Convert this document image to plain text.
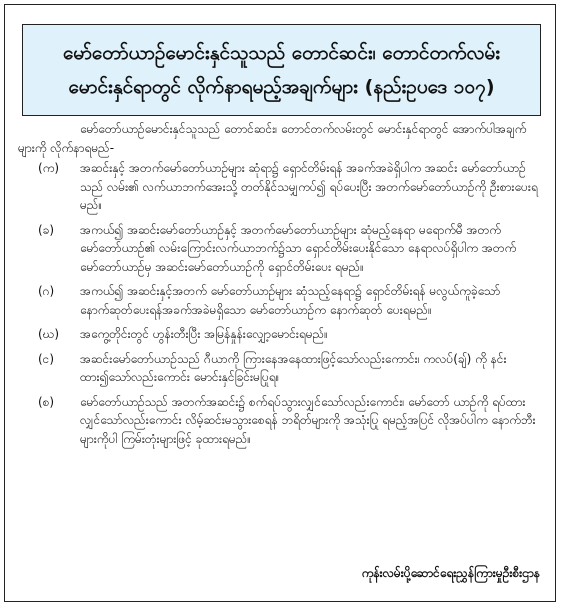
မော်တော်ယာဉ်မောင်းနှင်သူသည် တောင်ဆင်း၊ တောင်တက်လမ်း
မောင်းနှင်ရာတွင် လိုက်နာရမည့်အချက်များ (နည်းဥပဒေ ၁၀၇)

မော်တော်ယာဉ်မောင်းနှင်သူသည် တောင်ဆင်း၊ တောင်တက်လမ်းတွင် မောင်းနှင်ရာတွင် အောက်ပါအချက်များကို လိုက်နာရမည်-

(က)	အဆင်းနှင့် အတက်မော်တော်ယာဉ်များ ဆုံရာ၌ ရှောင်တိမ်းရန် အခက်အခဲရှိပါက အဆင်း မော်တော်ယာဉ်သည် လမ်း၏ လက်ယာဘက်အေးသို့ တတ်နိုင်သမျှကပ်၍ ရပ်ပေးပြီး အတက်မော်တော်ယာဉ်ကို ဦးစားပေးရမည်။
(ခ)	အကယ်၍ အဆင်းမော်တော်ယာဉ်နှင့် အတက်မော်တော်ယာဉ်များ ဆုံမည့်နေရာ မရောက်မီ အတက်မော်တော်ယာဉ်၏ လမ်းကြောင်းလက်ယာဘက်၌သာ ရှောင်တိမ်းပေးနိုင်သော နေရာလပ်ရှိပါက အတက်မော်တော်ယာဉ်မှ အဆင်းမော်တော်ယာဉ်ကို ရှောင်တိမ်းပေး ရမည်။
(ဂ)	အကယ်၍ အဆင်းနှင့်အတက် မော်တော်ယာဉ်များ ဆုံသည့်နေရာ၌ ရှောင်တိမ်းရန် မလွယ်ကူခဲ့သော် နောက်ဆုတ်ပေးရန်အခက်အခဲမရှိသော မော်တော်ယာဉ်က နောက်ဆုတ် ပေးရမည်။
(ဃ)	အကွေ့တိုင်းတွင် ဟွန်းတီးပြီး အမြန်နှုန်းလျှော့မောင်းရမည်။
(င)	အဆင်းမော်တော်ယာဉ်သည် ဂီယာကို ကြားနေအနေထားဖြင့်သော်လည်းကောင်း၊ ကလပ်(ချ်) ကို နင်းထား၍သော်လည်းကောင်း မောင်းနှင်ခြင်းမပြုရ။
(စ)	မော်တော်ယာဉ်သည် အတက်အဆင်း၌ စက်ရပ်သွားလျှင်သော်လည်းကောင်း၊ မော်တော် ယာဉ်ကို ရပ်ထားလျှင်သော်လည်းကောင်း လိမ့်ဆင်းမသွားစေရန် ဘရိတ်များကို အသုံးပြု ရမည့်အပြင် လိုအပ်ပါက နောက်ဘီးများကိုပါ ကြမ်းတုံးများဖြင့် ခုထားရမည်။
ကုန်းလမ်းပို့ဆောင်ရေးညွှန်ကြားမှုဦးစီးဌာန
